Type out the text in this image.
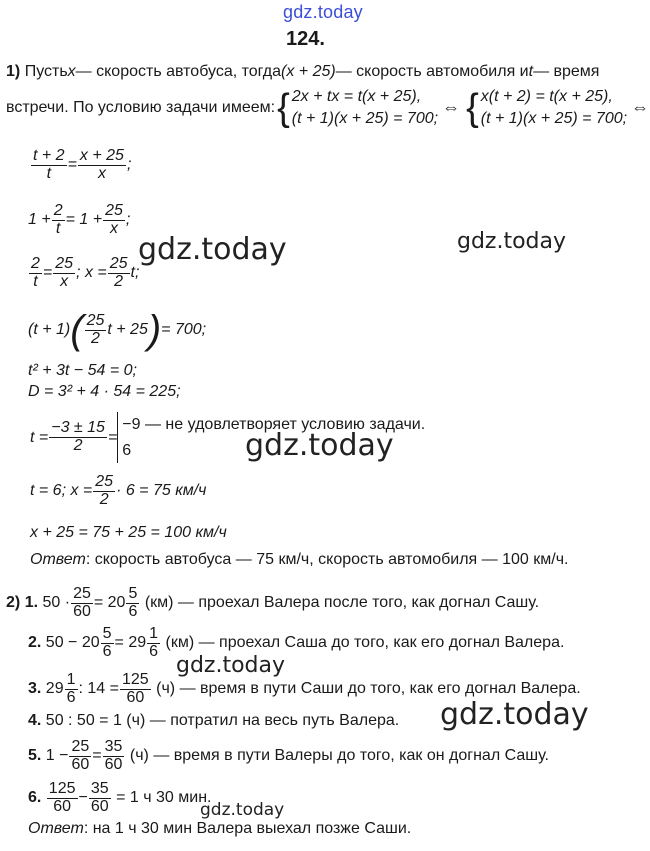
gdz.today
gdz.today	gdz.today
gdz.today
gdz.today
gdz.today
gdz.today
124.
1)
Пусть x — скорость автобуса, тогда (x + 25) — скорость автомобиля и t — время
встречи. По условию задачи имеем: { 2x + tx = t(x + 25),
(t + 1)(x + 25) = 700;
⇔ { x(t + 2) = t(x + 25),
(t + 1)(x + 25) = 700;
⇔
$\frac{t + 2}{t} = \frac{x + 25}{x}$ ;
$1 + \frac{2}{t} = 1 + \frac{25}{x}$ ;
$\frac{2}{t} = \frac{25}{x}$ ; $x = \frac{25}{2} t$;
(t + 1) ( $\frac{25}{2}$ t + 25 ) = 700;
t² + 3t − 54 = 0;
D = 3² + 4 · 54 = 225;
$t = \frac{-3 \pm 15}{2}$ =
−9 — не удовлетворяет условию задачи.
6
t = 6; $x = \frac{25}{2} \cdot 6 = 75$ км/ч
x + 25 = 75 + 25 = 100 км/ч
Ответ : скорость автобуса — 75 км/ч, скорость автомобиля — 100 км/ч.
2)
1.
$50 \cdot \frac{25}{60} = 20 \frac{5}{6}$
(км) — проехал Валера после того, как догнал Сашу.
2.
$50 - 20 \frac{5}{6} = 29 \frac{1}{6}$
(км) — проехал Саша до того, как его догнал Валера.
3.
$29 \frac{1}{6}$ : $14 = \frac{125}{60}$
(ч) — время в пути Саши до того, как его догнал Валера.
4.
50 : 50 = 1 (ч) — потратил на весь путь Валера.
5.
$1 - \frac{25}{60} = \frac{35}{60}$
(ч) — время в пути Валеры до того, как он догнал Сашу.
6.
$\frac{125}{60} - \frac{35}{60}$
= 1 ч 30 мин.
Ответ : на 1 ч 30 мин Валера выехал позже Саши.
